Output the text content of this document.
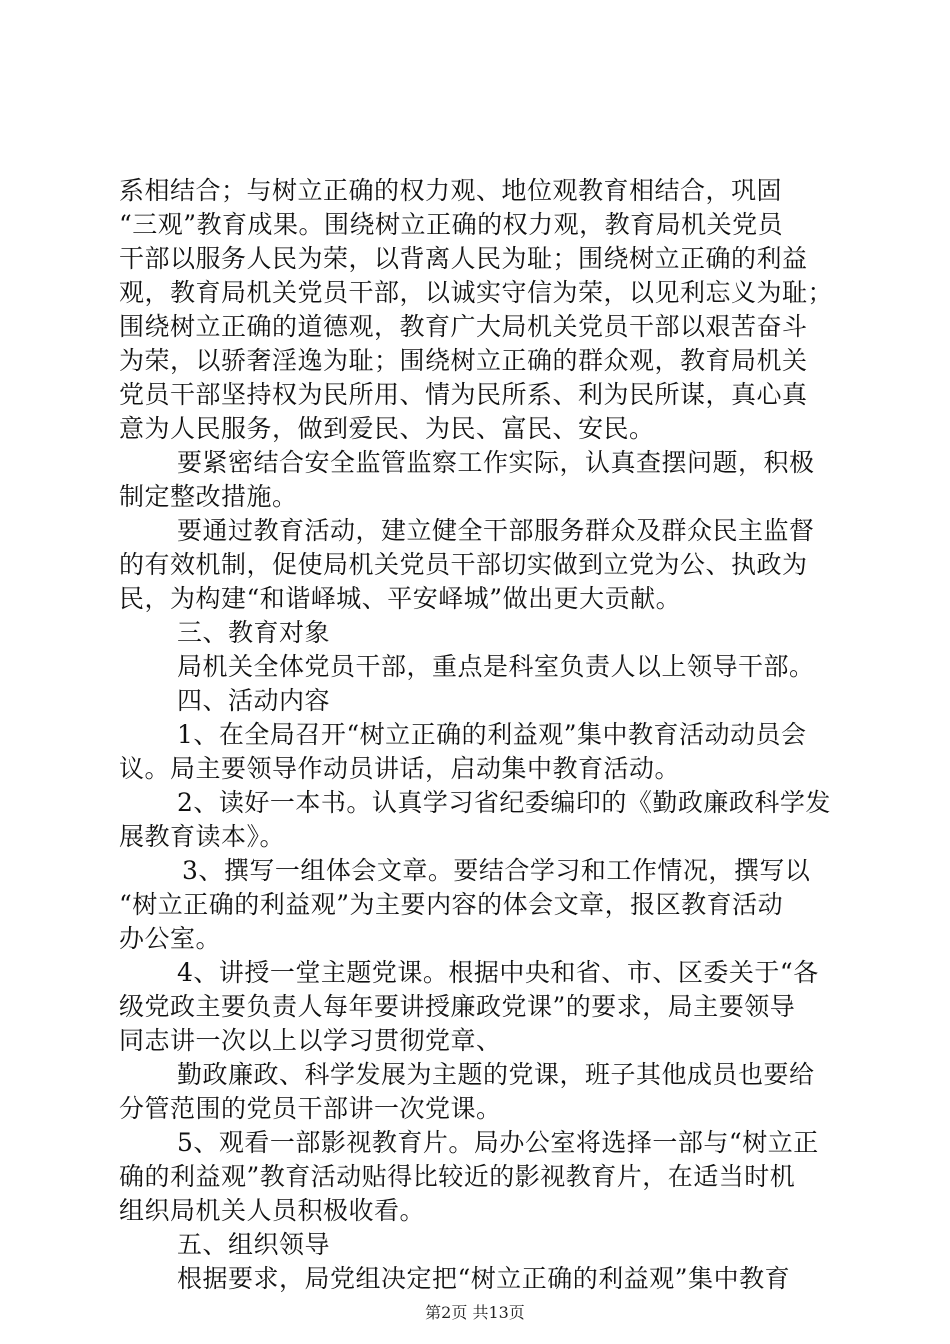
系相结合；与树立正确的权力观、地位观教育相结合，巩固
“三观”教育成果。围绕树立正确的权力观，教育局机关党员
干部以服务人民为荣，以背离人民为耻；围绕树立正确的利益
观，教育局机关党员干部，以诚实守信为荣，以见利忘义为耻；
围绕树立正确的道德观，教育广大局机关党员干部以艰苦奋斗
为荣，以骄奢淫逸为耻；围绕树立正确的群众观，教育局机关
党员干部坚持权为民所用、情为民所系、利为民所谋，真心真
意为人民服务，做到爱民、为民、富民、安民。
要紧密结合安全监管监察工作实际，认真查摆问题，积极
制定整改措施。
要通过教育活动，建立健全干部服务群众及群众民主监督
的有效机制，促使局机关党员干部切实做到立党为公、执政为
民，为构建“和谐峄城、平安峄城”做出更大贡献。
三、教育对象
局机关全体党员干部，重点是科室负责人以上领导干部。
四、活动内容
1、在全局召开“树立正确的利益观”集中教育活动动员会
议。局主要领导作动员讲话，启动集中教育活动。
2、读好一本书。认真学习省纪委编印的《勤政廉政科学发
展教育读本》。
3、撰写一组体会文章。要结合学习和工作情况，撰写以
“树立正确的利益观”为主要内容的体会文章，报区教育活动
办公室。
4、讲授一堂主题党课。根据中央和省、市、区委关于“各
级党政主要负责人每年要讲授廉政党课”的要求，局主要领导
同志讲一次以上以学习贯彻党章、
勤政廉政、科学发展为主题的党课，班子其他成员也要给
分管范围的党员干部讲一次党课。
5、观看一部影视教育片。局办公室将选择一部与“树立正
确的利益观”教育活动贴得比较近的影视教育片，在适当时机
组织局机关人员积极收看。
五、组织领导
根据要求，局党组决定把“树立正确的利益观”集中教育
第2页 共13页
